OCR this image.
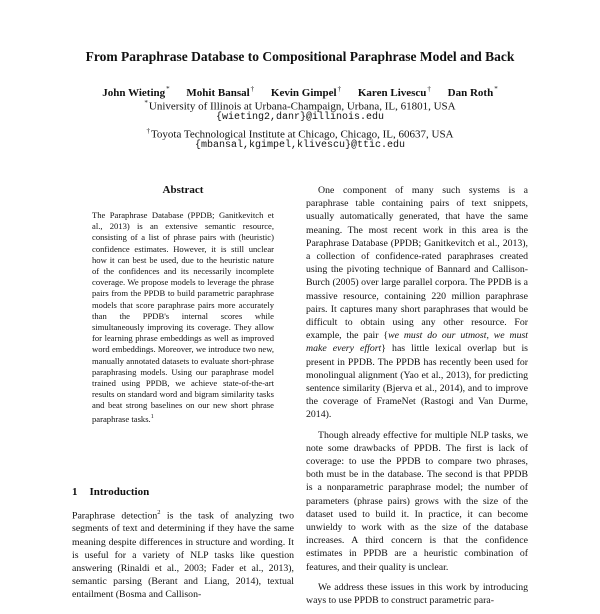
From Paraphrase Database to Compositional Paraphrase Model and Back
John Wieting* Mohit Bansal† Kevin Gimpel† Karen Livescu† Dan Roth*
*University of Illinois at Urbana-Champaign, Urbana, IL, 61801, USA
{wieting2,danr}@illinois.edu
†Toyota Technological Institute at Chicago, Chicago, IL, 60637, USA
{mbansal,kgimpel,klivescu}@ttic.edu
Abstract
The Paraphrase Database (PPDB; Ganitkevitch et al., 2013) is an extensive semantic resource, consisting of a list of phrase pairs with (heuristic) confidence estimates. However, it is still unclear how it can best be used, due to the heuristic nature of the confidences and its necessarily incomplete coverage. We propose models to leverage the phrase pairs from the PPDB to build parametric paraphrase models that score paraphrase pairs more accurately than the PPDB's internal scores while simultaneously improving its coverage. They allow for learning phrase embeddings as well as improved word embeddings. Moreover, we introduce two new, manually annotated datasets to evaluate short-phrase paraphrasing models. Using our paraphrase model trained using PPDB, we achieve state-of-the-art results on standard word and bigram similarity tasks and beat strong baselines on our new short phrase paraphrase tasks.$^1$
1 Introduction

Paraphrase detection$^2$ is the task of analyzing two segments of text and determining if they have the same meaning despite differences in structure and wording. It is useful for a variety of NLP tasks like question answering (Rinaldi et al., 2003; Fader et al., 2013), semantic parsing (Berant and Liang, 2014), textual entailment (Bosma and Callison-

One component of many such systems is a paraphrase table containing pairs of text snippets, usually automatically generated, that have the same meaning. The most recent work in this area is the Paraphrase Database (PPDB; Ganitkevitch et al., 2013), a collection of confidence-rated paraphrases created using the pivoting technique of Bannard and Callison-Burch (2005) over large parallel corpora. The PPDB is a massive resource, containing 220 million paraphrase pairs. It captures many short paraphrases that would be difficult to obtain using any other resource. For example, the pair {we must do our utmost, we must make every effort} has little lexical overlap but is present in PPDB. The PPDB has recently been used for monolingual alignment (Yao et al., 2013), for predicting sentence similarity (Bjerva et al., 2014), and to improve the coverage of FrameNet (Rastogi and Van Durme, 2014).

Though already effective for multiple NLP tasks, we note some drawbacks of PPDB. The first is lack of coverage: to use the PPDB to compare two phrases, both must be in the database. The second is that PPDB is a nonparametric paraphrase model; the number of parameters (phrase pairs) grows with the size of the dataset used to build it. In practice, it can become unwieldy to work with as the size of the database increases. A third concern is that the confidence estimates in PPDB are a heuristic combination of features, and their quality is unclear.

We address these issues in this work by introducing ways to use PPDB to construct parametric para-
